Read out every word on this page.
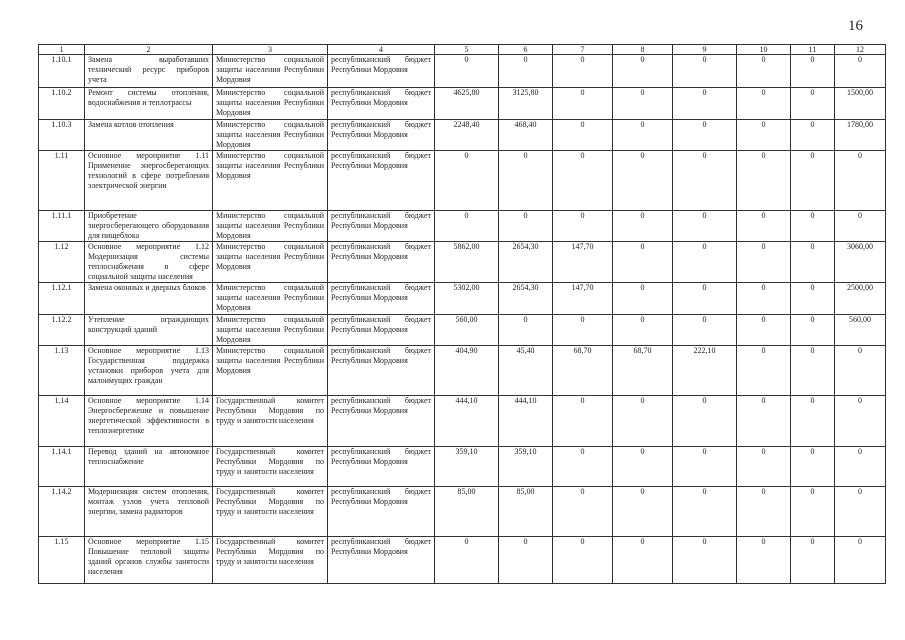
16
1	2	3	4	5	6	7	8	9	10	11	12
1.10.1	Замена выработавших технический ресурс приборов учета	Министерство социальной защиты населения Республики Мордовия	республиканский бюджет Республики Мордовия	0	0	0	0	0	0	0	0
1.10.2	Ремонт системы отопления, водоснабжения и теплотрассы	Министерство социальной защиты населения Республики Мордовия	республиканский бюджет Республики Мордовия	4625,80	3125,80	0	0	0	0	0	1500,00
1.10.3	Замена котлов отопления	Министерство социальной защиты населения Республики Мордовия	республиканский бюджет Республики Мордовия	2248,40	468,40	0	0	0	0	0	1780,00
1.11	Основное мероприятие 1.11 Применение энергосберегающих технологий в сфере потребления электрической энергии	Министерство социальной защиты населения Республики Мордовия	республиканский бюджет Республики Мордовия	0	0	0	0	0	0	0	0
1.11.1	Приобретение энергосберегающего оборудования для пищеблока	Министерство социальной защиты населения Республики Мордовия	республиканский бюджет Республики Мордовия	0	0	0	0	0	0	0	0
1.12	Основное мероприятие 1.12 Модернизация системы теплоснабжения в сфере социальной защиты населения	Министерство социальной защиты населения Республики Мордовия	республиканский бюджет Республики Мордовия	5862,00	2654,30	147,70	0	0	0	0	3060,00
1.12.1	Замена оконных и дверных блоков	Министерство социальной защиты населения Республики Мордовия	республиканский бюджет Республики Мордовия	5302,00	2654,30	147,70	0	0	0	0	2500,00
1.12.2	Утепление ограждающих конструкций зданий	Министерство социальной защиты населения Республики Мордовия	республиканский бюджет Республики Мордовия	560,00	0	0	0	0	0	0	560,00
1.13	Основное мероприятие 1.13 Государственная поддержка установки приборов учета для малоимущих граждан	Министерство социальной защиты населения Республики Мордовия	республиканский бюджет Республики Мордовия	404,90	45,40	68,70	68,70	222,10	0	0	0
1.14	Основное мероприятие 1.14 Энергосбережение и повышение энергетической эффективности в теплоэнергетике	Государственный комитет Республики Мордовия по труду и занятости населения	республиканский бюджет Республики Мордовия	444,10	444,10	0	0	0	0	0	0
1.14.1	Перевод зданий на автономное теплоснабжение	Государственный комитет Республики Мордовия по труду и занятости населения	республиканский бюджет Республики Мордовия	359,10	359,10	0	0	0	0	0	0
1.14.2	Модернизация систем отопления, монтаж узлов учета тепловой энергии, замена радиаторов	Государственный комитет Республики Мордовия по труду и занятости населения	республиканский бюджет Республики Мордовия	85,00	85,00	0	0	0	0	0	0
1.15	Основное мероприятие 1.15 Повышение тепловой защиты зданий органов службы занятости населения	Государственный комитет Республики Мордовия по труду и занятости населения	республиканский бюджет Республики Мордовия	0	0	0	0	0	0	0	0
